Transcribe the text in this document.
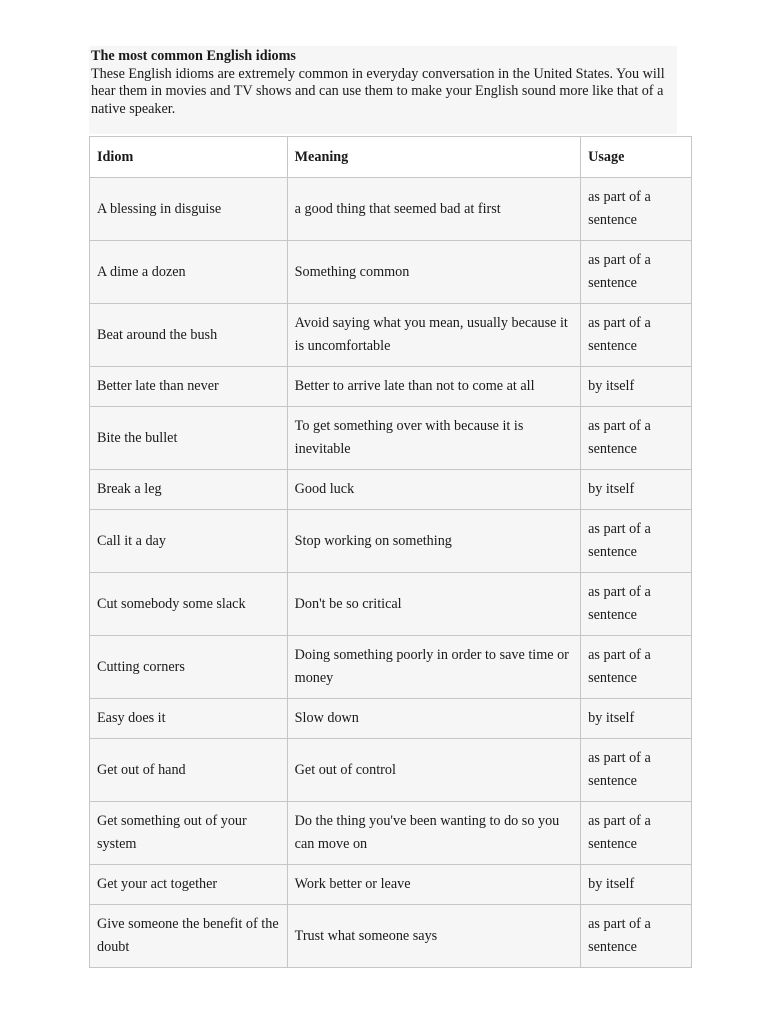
The most common English idioms
These English idioms are extremely common in everyday conversation in the United States. You will hear them in movies and TV shows and can use them to make your English sound more like that of a native speaker.
Idiom	Meaning	Usage
A blessing in disguise	a good thing that seemed bad at first	as part of a sentence
A dime a dozen	Something common	as part of a sentence
Beat around the bush	Avoid saying what you mean, usually because it is uncomfortable	as part of a sentence
Better late than never	Better to arrive late than not to come at all	by itself
Bite the bullet	To get something over with because it is inevitable	as part of a sentence
Break a leg	Good luck	by itself
Call it a day	Stop working on something	as part of a sentence
Cut somebody some slack	Don't be so critical	as part of a sentence
Cutting corners	Doing something poorly in order to save time or money	as part of a sentence
Easy does it	Slow down	by itself
Get out of hand	Get out of control	as part of a sentence
Get something out of your system	Do the thing you've been wanting to do so you can move on	as part of a sentence
Get your act together	Work better or leave	by itself
Give someone the benefit of the doubt	Trust what someone says	as part of a sentence
